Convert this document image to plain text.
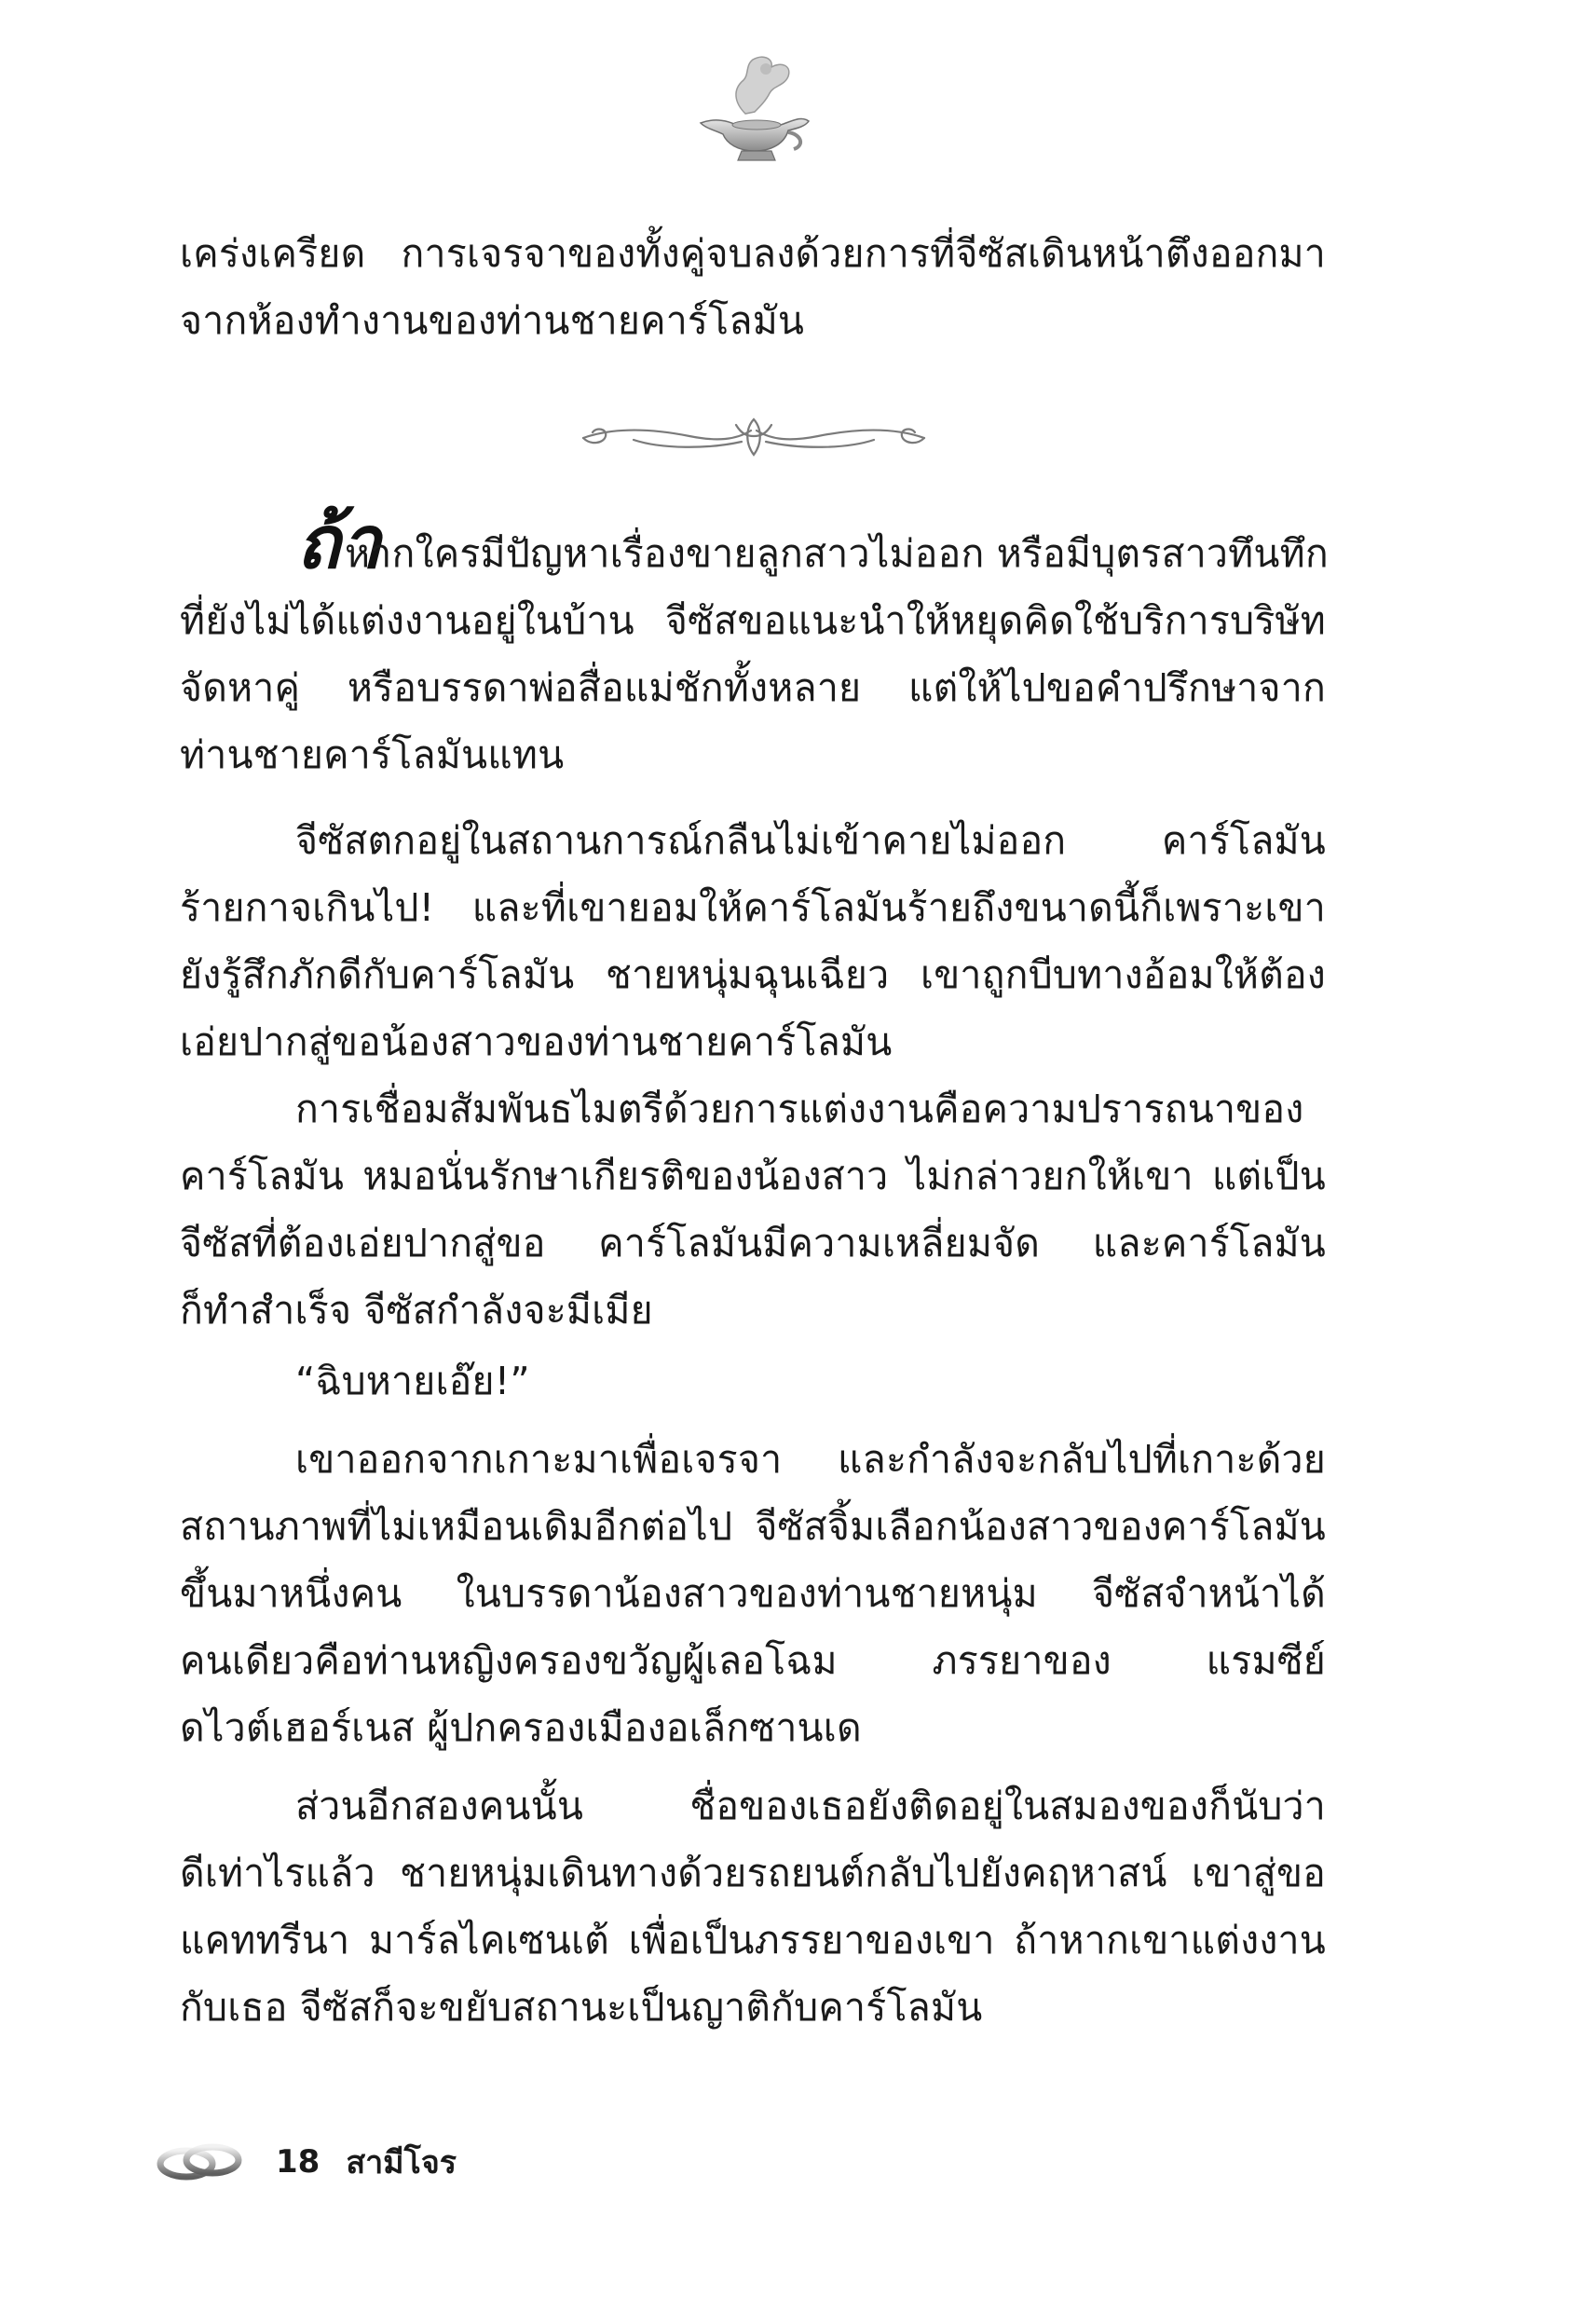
เคร่งเครียด การเจรจาของทั้งคู่จบลงด้วยการที่จีซัสเดินหน้าตึงออกมา
จากห้องทำงานของท่านชายคาร์โลมัน
ถ้า
หากใครมีปัญหาเรื่องขายลูกสาวไม่ออก หรือมีบุตรสาวทึนทึก
ที่ยังไม่ได้แต่งงานอยู่ในบ้าน จีซัสขอแนะนำให้หยุดคิดใช้บริการบริษัท
จัดหาคู่ หรือบรรดาพ่อสื่อแม่ชักทั้งหลาย แต่ให้ไปขอคำปรึกษาจาก
ท่านชายคาร์โลมันแทน
จีซัสตกอยู่ในสถานการณ์กลืนไม่เข้าคายไม่ออก คาร์โลมัน
ร้ายกาจเกินไป! และที่เขายอมให้คาร์โลมันร้ายถึงขนาดนี้ก็เพราะเขา
ยังรู้สึกภักดีกับคาร์โลมัน ชายหนุ่มฉุนเฉียว เขาถูกบีบทางอ้อมให้ต้อง
เอ่ยปากสู่ขอน้องสาวของท่านชายคาร์โลมัน
การเชื่อมสัมพันธไมตรีด้วยการแต่งงานคือความปรารถนาของ
คาร์โลมัน หมอนั่นรักษาเกียรติของน้องสาว ไม่กล่าวยกให้เขา แต่เป็น
จีซัสที่ต้องเอ่ยปากสู่ขอ คาร์โลมันมีความเหลี่ยมจัด และคาร์โลมัน
ก็ทำสำเร็จ จีซัสกำลังจะมีเมีย
“ฉิบหายเอ๊ย!”
เขาออกจากเกาะมาเพื่อเจรจา และกำลังจะกลับไปที่เกาะด้วย
สถานภาพที่ไม่เหมือนเดิมอีกต่อไป จีซัสจิ้มเลือกน้องสาวของคาร์โลมัน
ขึ้นมาหนึ่งคน ในบรรดาน้องสาวของท่านชายหนุ่ม จีซัสจำหน้าได้
คนเดียวคือท่านหญิงครองขวัญผู้เลอโฉม ภรรยาของ แรมซีย์
ดไวต์เฮอร์เนส ผู้ปกครองเมืองอเล็กซานเด
ส่วนอีกสองคนนั้น ชื่อของเธอยังติดอยู่ในสมองของก็นับว่า
ดีเท่าไรแล้ว ชายหนุ่มเดินทางด้วยรถยนต์กลับไปยังคฤหาสน์ เขาสู่ขอ
แคททรีนา มาร์ลไคเซนเต้ เพื่อเป็นภรรยาของเขา ถ้าหากเขาแต่งงาน
กับเธอ จีซัสก็จะขยับสถานะเป็นญาติกับคาร์โลมัน
18 สามีโจร
